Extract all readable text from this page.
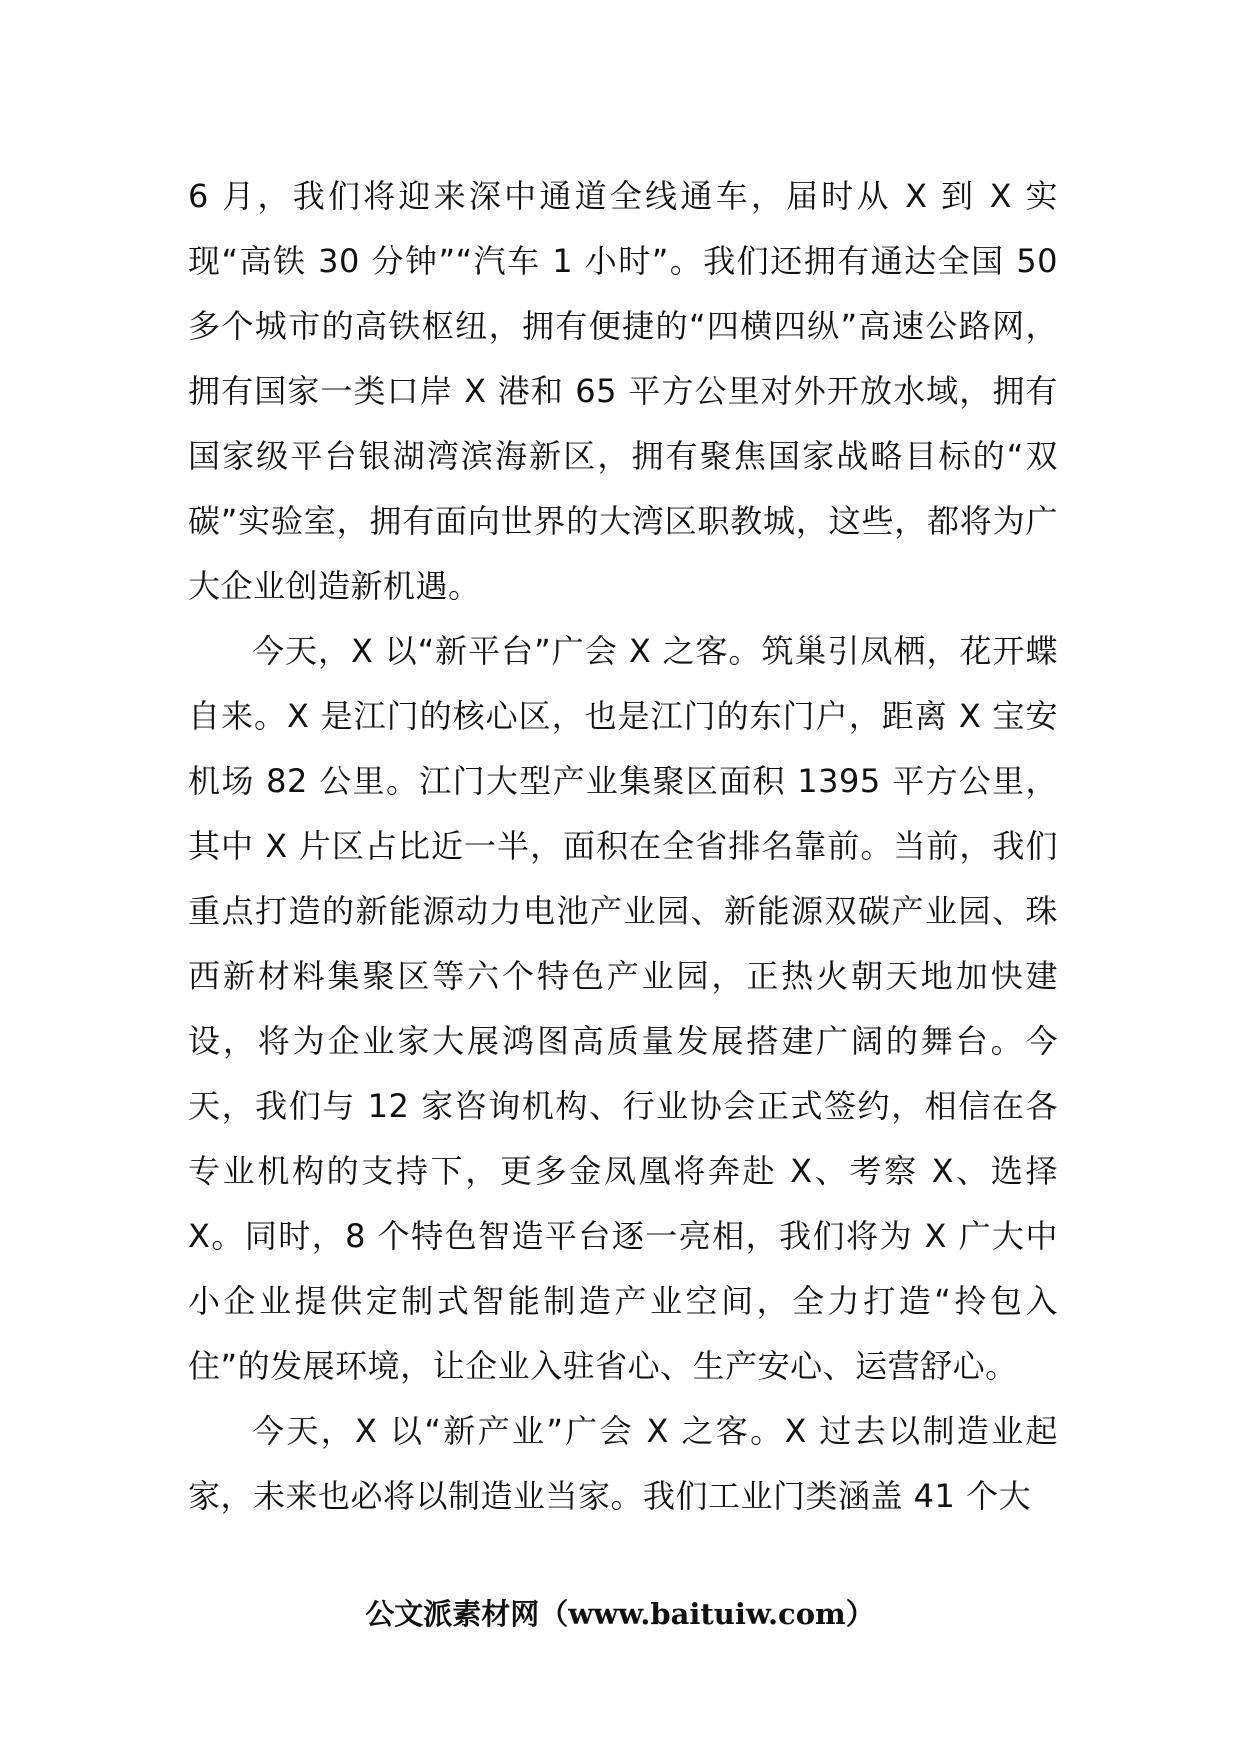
6 月，我们将迎来深中通道全线通车，届时从 X 到 X 实现“高铁 30 分钟”“汽车 1 小时”。我们还拥有通达全国 50 多个城市的高铁枢纽，拥有便捷的“四横四纵”高速公路网，拥有国家一类口岸 X 港和 65 平方公里对外开放水域，拥有国家级平台银湖湾滨海新区，拥有聚焦国家战略目标的“双碳”实验室，拥有面向世界的大湾区职教城，这些，都将为广大企业创造新机遇。

今天，X 以“新平台”广会 X 之客。筑巢引凤栖，花开蝶自来。X 是江门的核心区，也是江门的东门户，距离 X 宝安机场 82 公里。江门大型产业集聚区面积 1395 平方公里，其中 X 片区占比近一半，面积在全省排名靠前。当前，我们重点打造的新能源动力电池产业园、新能源双碳产业园、珠西新材料集聚区等六个特色产业园，正热火朝天地加快建设，将为企业家大展鸿图高质量发展搭建广阔的舞台。今天，我们与 12 家咨询机构、行业协会正式签约，相信在各专业机构的支持下，更多金凤凰将奔赴 X、考察 X、选择 X。同时，8 个特色智造平台逐一亮相，我们将为 X 广大中小企业提供定制式智能制造产业空间，全力打造“拎包入住”的发展环境，让企业入驻省心、生产安心、运营舒心。

今天，X 以“新产业”广会 X 之客。X 过去以制造业起家，未来也必将以制造业当家。我们工业门类涵盖 41 个大

公文派素材网（www.baituiw.com）
